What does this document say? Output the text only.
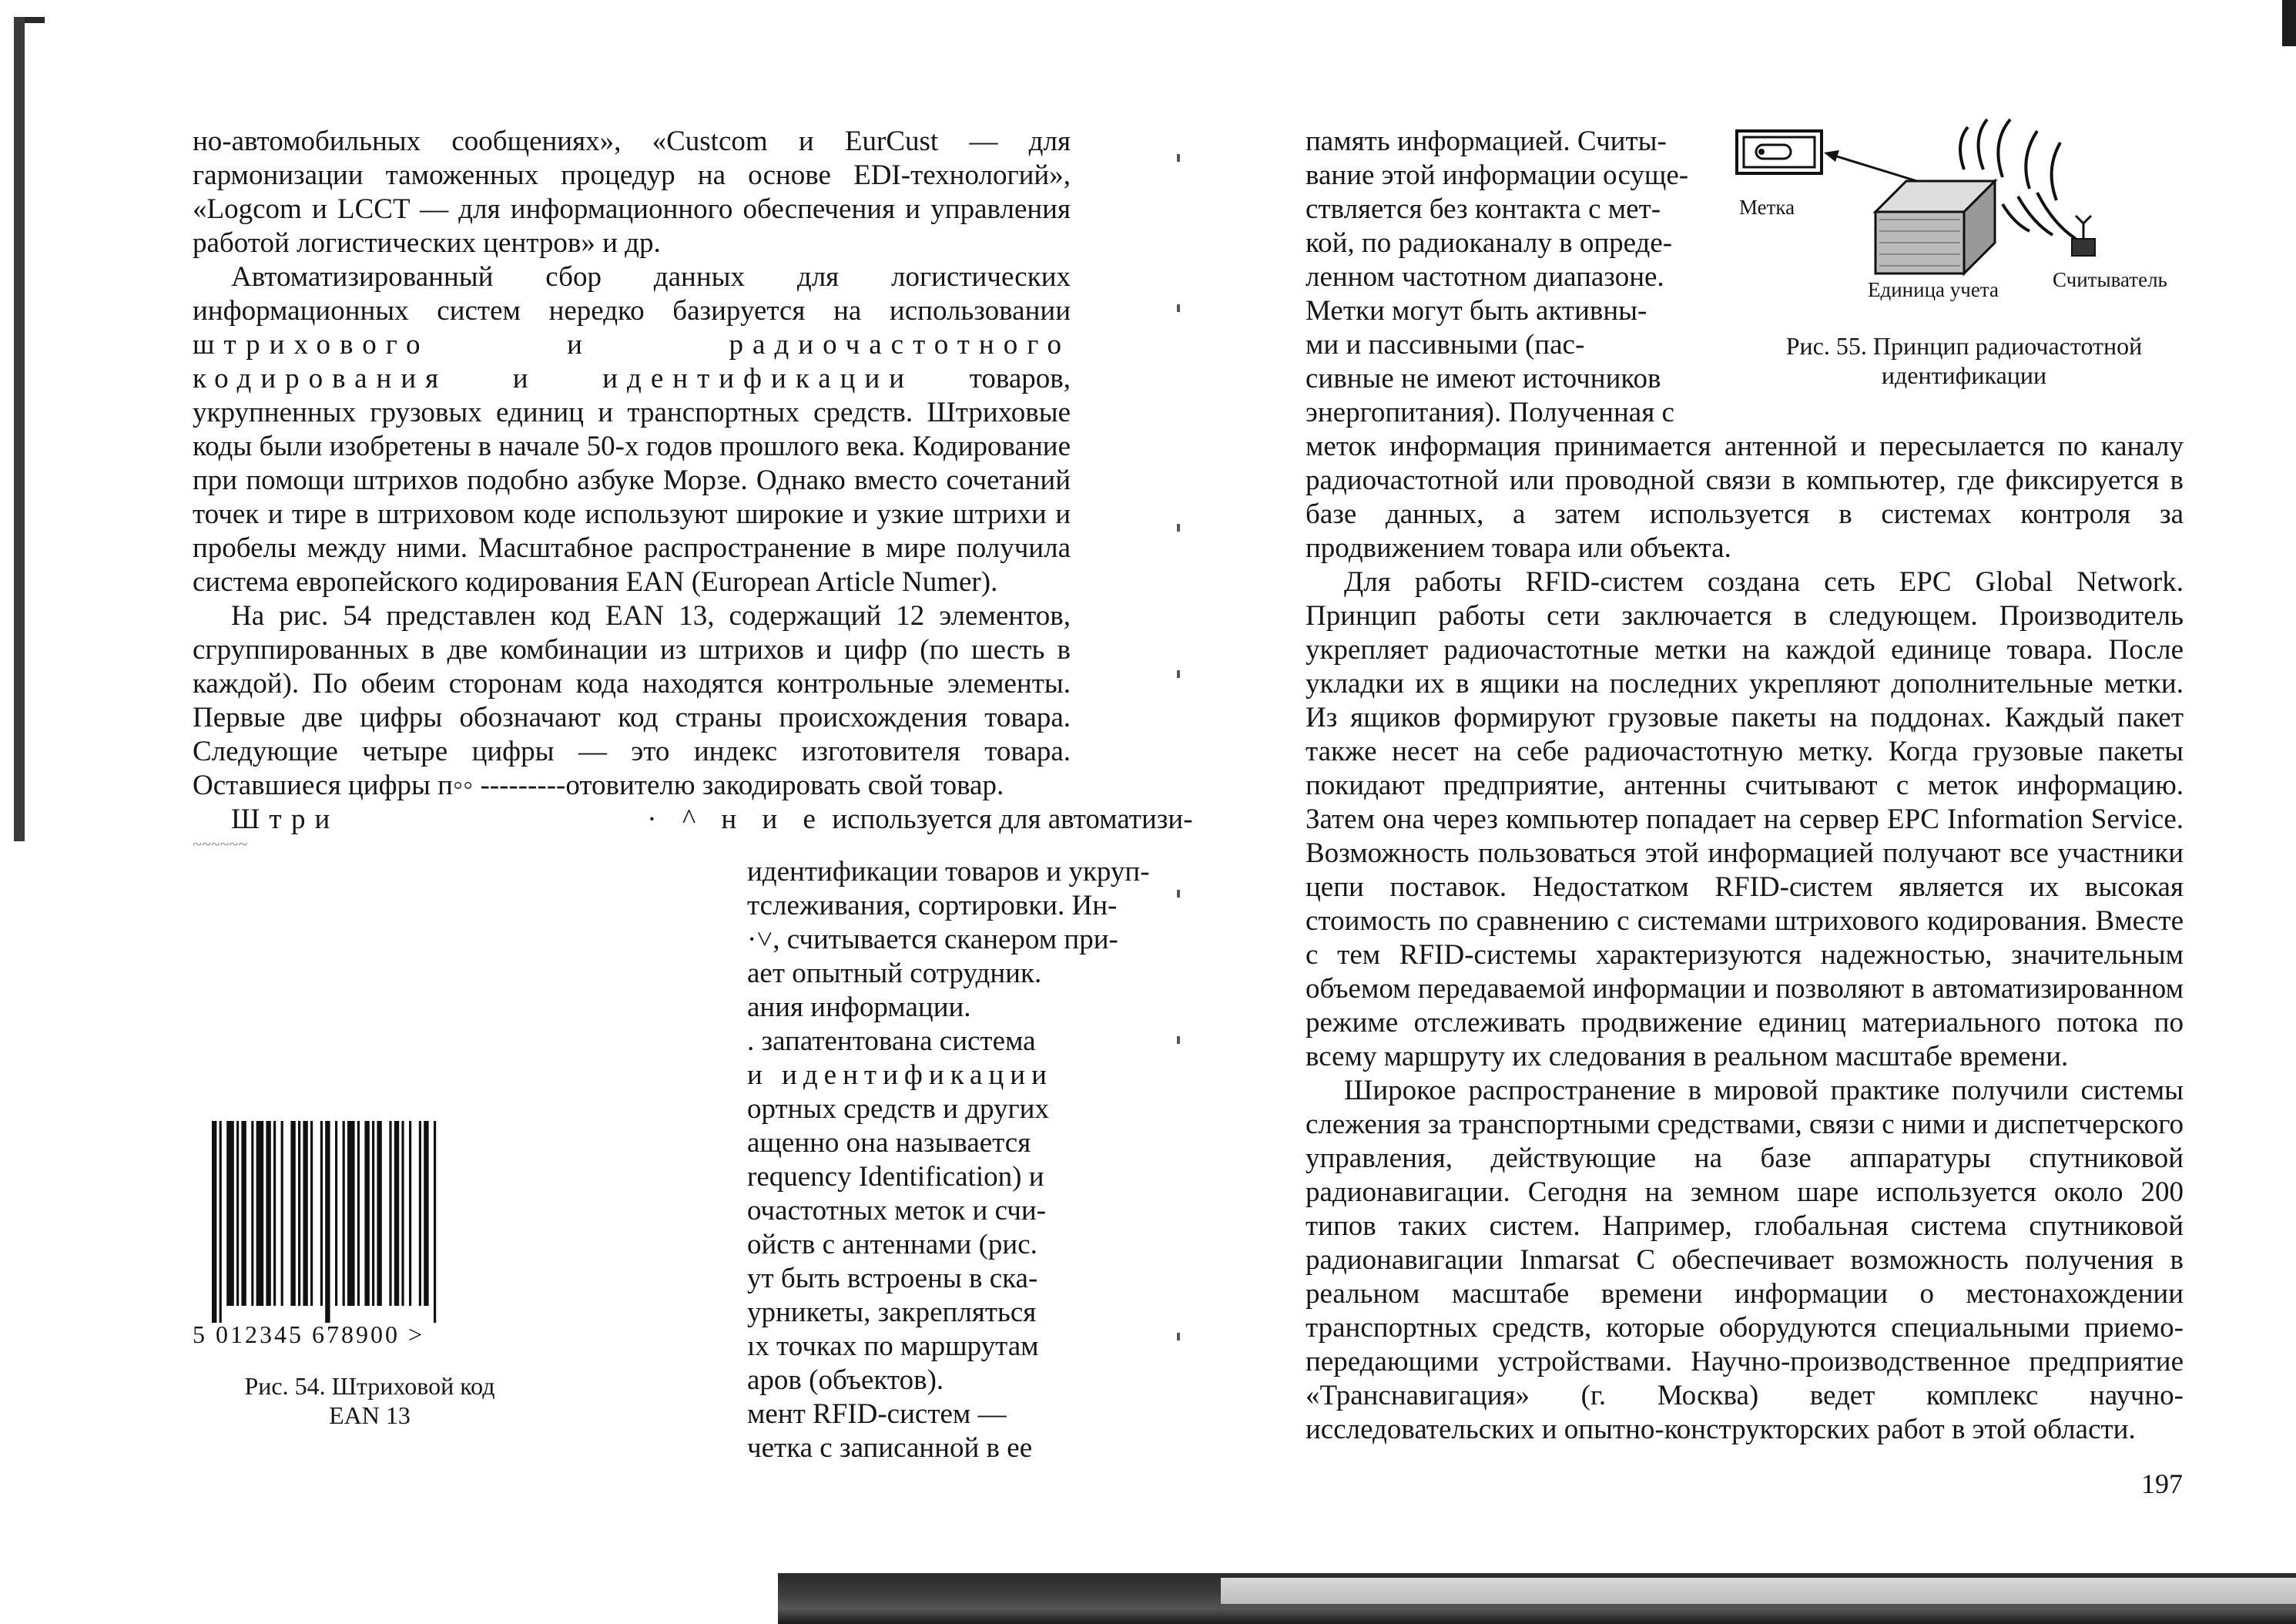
но-автомобильных сообщениях», «Custcom и EurCust — для гармонизации таможенных процедур на основе EDI-технологий», «Logcom и LCCT — для информационного обеспечения и управления работой логистических центров» и др.

Автоматизированный сбор данных для логистических информационных систем нередко базируется на использовании штрихового и радиочастотного кодирования и идентификации товаров, укрупненных грузовых единиц и транспортных средств. Штриховые коды были изобретены в начале 50-х годов прошлого века. Кодирование при помощи штрихов подобно азбуке Морзе. Однако вместо сочетаний точек и тире в штриховом коде используют широкие и узкие штрихи и пробелы между ними. Масштабное распространение в мире получила система европейского кодирования EAN (European Article Numer).

На рис. 54 представлен код EAN 13, содержащий 12 элементов, сгруппированных в две комбинации из штрихов и цифр (по шесть в каждой). По обеим сторонам кода находятся контрольные элементы. Первые две цифры обозначают код страны происхождения товара. Следующие четыре цифры — это индекс изготовителя товара. Оставшиеся цифры п◦◦ ‐‐‐‐‐‐‐‐‐отовителю закодировать свой товар.

Штри	· ^ н и е используется для автоматизи-

~~~~~~

идентификации товаров и укруп-
тслеживания, сортировки. Ин-
·˅, считывается сканером при-
ает опытный сотрудник.
ания информации.
. запатентована система
и идентификации
ортных средств и других
ащенно она называется
requency Identification) и
очастотных меток и счи-
ойств с антеннами (рис.
ут быть встроены в ска-
урникеты, закрепляться
ıх точках по маршрутам
аров (объектов).
мент RFID-систем —
четка с записанной в ее
5 012345 678900 >
Рис. 54. Штриховой код
EAN 13
память информацией. Считы-
вание этой информации осуще-
ствляется без контакта с мет-
кой, по радиоканалу в опреде-
ленном частотном диапазоне.
Метки могут быть активны-
ми и пассивными (пас-
сивные не имеют источников
энергопитания). Полученная с
Метка
Единица учета	Считыватель
Рис. 55. Принцип радиочастотной
идентификации

меток информация принимается антенной и пересылается по каналу радиочастотной или проводной связи в компьютер, где фиксируется в базе данных, а затем используется в системах контроля за продвижением товара или объекта.

Для работы RFID-систем создана сеть EPC Global Network. Принцип работы сети заключается в следующем. Производитель укрепляет радиочастотные метки на каждой единице товара. После укладки их в ящики на последних укрепляют дополнительные метки. Из ящиков формируют грузовые пакеты на поддонах. Каждый пакет также несет на себе радиочастотную метку. Когда грузовые пакеты покидают предприятие, антенны считывают с меток информацию. Затем она через компьютер попадает на сервер EPC Information Service. Возможность пользоваться этой информацией получают все участники цепи поставок. Недостатком RFID-систем является их высокая стоимость по сравнению с системами штрихового кодирования. Вместе с тем RFID-системы характеризуются надежностью, значительным объемом передаваемой информации и позволяют в автоматизированном режиме отслеживать продвижение единиц материального потока по всему маршруту их следования в реальном масштабе времени.

Широкое распространение в мировой практике получили системы слежения за транспортными средствами, связи с ними и диспетчерского управления, действующие на базе аппаратуры спутниковой радионавигации. Сегодня на земном шаре используется около 200 типов таких систем. Например, глобальная система спутниковой радионавигации Inmarsat C обеспечивает возможность получения в реальном масштабе времени информации о местонахождении транспортных средств, которые оборудуются специальными приемо-передающими устройствами. Научно-производственное предприятие «Транснавигация» (г. Москва) ведет комплекс научно-исследовательских и опытно-конструкторских работ в этой области.

197
